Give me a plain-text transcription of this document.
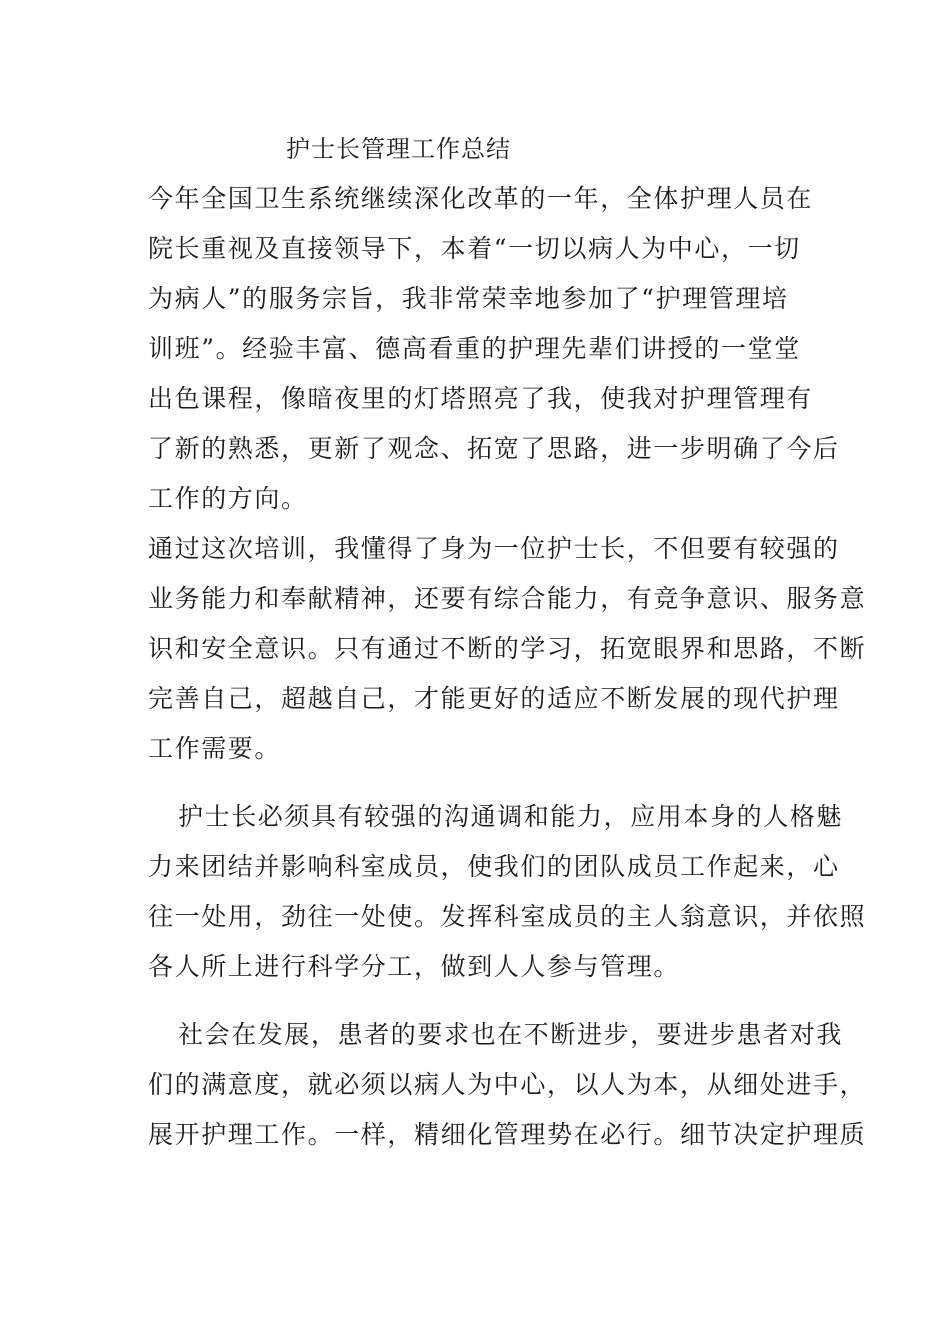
护士长管理工作总结
今年全国卫生系统继续深化改革的一年，全体护理人员在
院长重视及直接领导下，本着“一切以病人为中心，一切
为病人”的服务宗旨，我非常荣幸地参加了“护理管理培
训班”。经验丰富、德高看重的护理先辈们讲授的一堂堂
出色课程，像暗夜里的灯塔照亮了我，使我对护理管理有
了新的熟悉，更新了观念、拓宽了思路，进一步明确了今后
工作的方向。
通过这次培训，我懂得了身为一位护士长，不但要有较强的
业务能力和奉献精神，还要有综合能力，有竞争意识、服务意
识和安全意识。只有通过不断的学习，拓宽眼界和思路，不断
完善自己，超越自己，才能更好的适应不断发展的现代护理
工作需要。
护士长必须具有较强的沟通调和能力，应用本身的人格魅
力来团结并影响科室成员，使我们的团队成员工作起来，心
往一处用，劲往一处使。发挥科室成员的主人翁意识，并依照
各人所上进行科学分工，做到人人参与管理。
社会在发展，患者的要求也在不断进步，要进步患者对我
们的满意度，就必须以病人为中心，以人为本，从细处进手，
展开护理工作。一样，精细化管理势在必行。细节决定护理质
